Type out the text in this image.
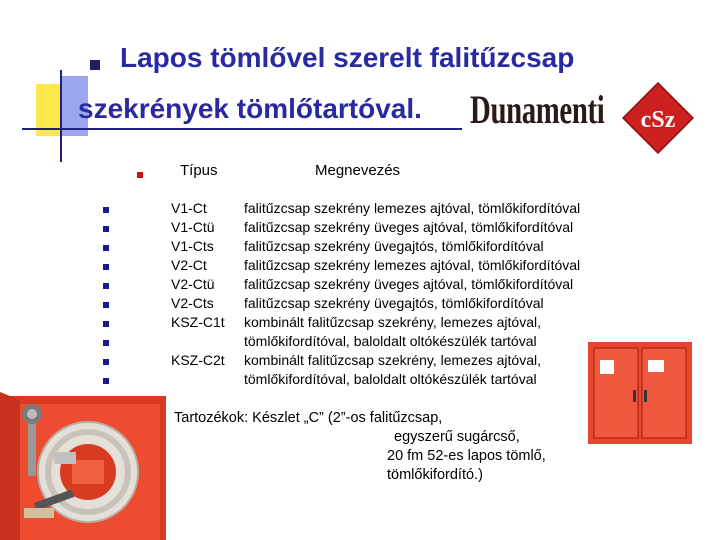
Lapos tömlővel szerelt falitűzcsap
szekrények tömlőtartóval. Dunamenti cSz
Típus	Megnevezés
V1-Ct	falitűzcsap szekrény lemezes ajtóval, tömlőkifordítóval
V1-Ctü falitűzcsap szekrény üveges ajtóval, tömlőkifordítóval
V1-Cts falitűzcsap szekrény üvegajtós, tömlőkifordítóval
V2-Ct	falitűzcsap szekrény lemezes ajtóval, tömlőkifordítóval
V2-Ctü falitűzcsap szekrény üveges ajtóval, tömlőkifordítóval
V2-Cts falitűzcsap szekrény üvegajtós, tömlőkifordítóval
KSZ-C1t kombinált falitűzcsap szekrény, lemezes ajtóval,
tömlőkifordítóval, baloldalt oltókészülék tartóval
KSZ-C2t kombinált falitűzcsap szekrény, lemezes ajtóval,
tömlőkifordítóval, baloldalt oltókészülék tartóval
Tartozékok: Készlet „C” (2”-os falitűzcsap,
egyszerű sugárcső,
20 fm 52-es lapos tömlő,
tömlőkifordító.)
